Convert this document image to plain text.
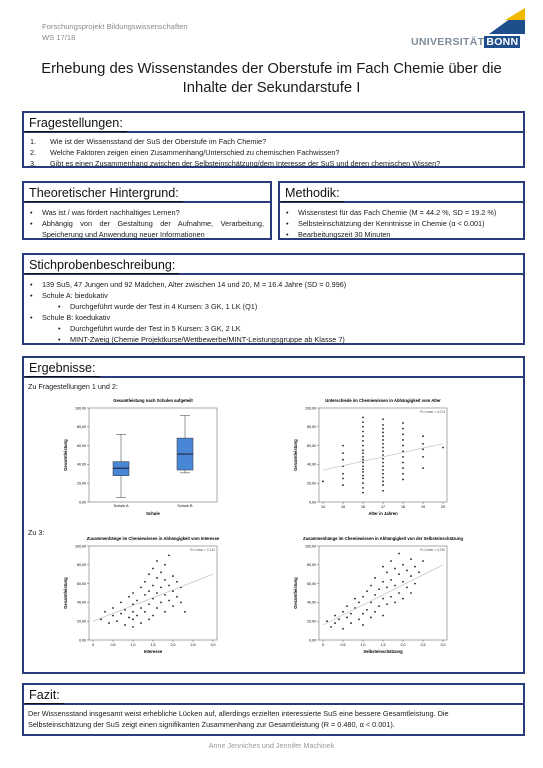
Forschungsprojekt Bildungswissenschaften
WS 17/18	UNIVERSITÄT BONN
Erhebung des Wissenstandes der Oberstufe im Fach Chemie über die
Inhalte der Sekundarstufe I
Fragestellungen:
1.	Wie ist der Wissensstand der SuS der Oberstufe im Fach Chemie?
2.	Welche Faktoren zeigen einen Zusammenhang/Unterschied zu chemischen Fachwissen?
3.	Gibt es einen Zusammenhang zwischen der Selbsteinschätzung/dem Interesse der SuS und deren chemischen Wissen?
Theoretischer Hintergrund:
•	Was ist / was fördert nachhaltiges Lernen?
•	Abhängig von der Gestaltung der Aufnahme, Verarbeitung, Speicherung und Anwendung neuer Informationen
Methodik:
•	Wissenstest für das Fach Chemie (M = 44.2 %, SD = 19.2 %)
•	Selbsteinschätzung der Kenntnisse in Chemie (α < 0.001)
•	Bearbeitungszeit 30 Minuten
Stichprobenbeschreibung:
•	139 SuS, 47 Jungen und 92 Mädchen, Alter zwischen 14 und 20, M = 16.4 Jahre (SD = 0.996)
•	Schule A: biedukativ
•	Durchgeführt wurde der Test in 4 Kursen: 3 GK, 1 LK (Q1)
•	Schule B: koedukativ
•	Durchgeführt wurde der Test in 5 Kursen: 3 GK, 2 LK
•	MINT-Zweig (Chemie Projektkurse/Wettbewerbe/MINT-Leistungsgruppe ab Klasse 7)
Ergebnisse:
Zu Fragestellungen 1 und 2:
Zu 3:
Gesamtleistung nach Schulen aufgeteilt
0,00
20,00
40,00
60,00
80,00
100,00
Gesamtleistung
Schule
Schule A	Schule B
Unterschiede im Chemiewissen in Abhängigkeit vom Alter
0,00
20,00
40,00
60,00
80,00
100,00
Gesamtleistung
Alter in Jahren
14	15	16	17	18	19	20
R² Linear = 0,074
Zusammenhänge im Chemiewissen in Abhängigkeit vom Interesse
0,00
20,00
40,00
60,00
80,00
100,00
Gesamtleistung
Interesse
0	0,5	1,0	1,5	2,0	2,5	3,0
R² Linear = 0,142
Zusammenhänge im Chemiewissen in Abhängigkeit von der Selbsteinschätzung
0,00
20,00
40,00
60,00
80,00
100,00
Gesamtleistung
Selbsteinschätzung
0	0,5	1,0	1,5	2,0	2,5	3,0
R² Linear = 0,230
Fazit:
Der Wissensstand insgesamt weist erhebliche Lücken auf, allerdings erzielten interessierte SuS eine bessere Gesamtleistung. Die
Selbsteinschätzung der SuS zeigt einen signifikanten Zusammenhang zur Gesamtleistung (R = 0.480, α < 0.001).
Anne Jenniches und Jennifer Machinek
